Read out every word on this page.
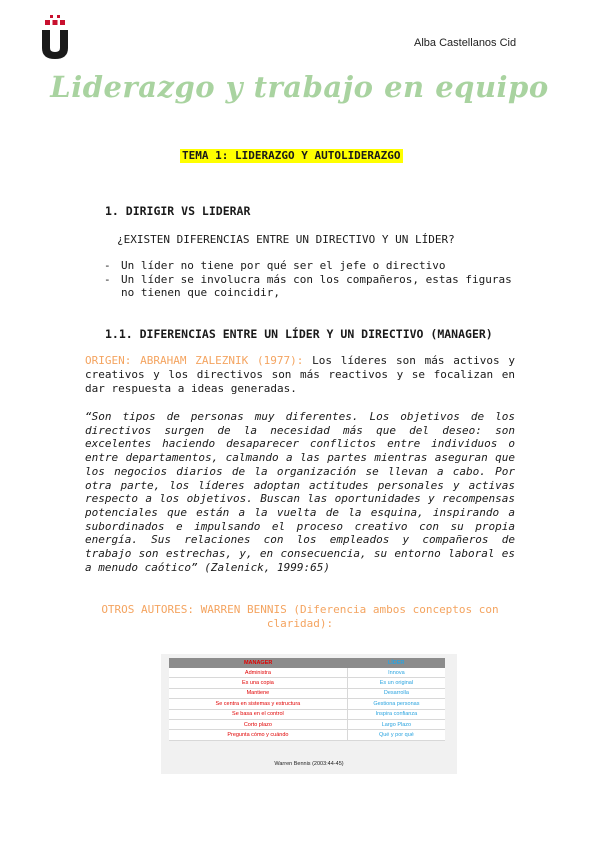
Alba Castellanos Cid
Liderazgo y trabajo en equipo
TEMA 1: LIDERAZGO Y AUTOLIDERAZGO
1. DIRIGIR VS LIDERAR
¿EXISTEN DIFERENCIAS ENTRE UN DIRECTIVO Y UN LÍDER?
- Un líder no tiene por qué ser el jefe o directivo
- Un líder se involucra más con los compañeros, estas figuras no tienen que coincidir,
1.1. DIFERENCIAS ENTRE UN LÍDER Y UN DIRECTIVO (MANAGER)
ORIGEN: ABRAHAM ZALEZNIK (1977): Los líderes son más activos y creativos y los directivos son más reactivos y se focalizan en dar respuesta a ideas generadas.
“Son tipos de personas muy diferentes. Los objetivos de los directivos surgen de la necesidad más que del deseo: son excelentes haciendo desaparecer conflictos entre individuos o entre departamentos, calmando a las partes mientras aseguran que los negocios diarios de la organización se llevan a cabo. Por otra parte, los líderes adoptan actitudes personales y activas respecto a los objetivos. Buscan las oportunidades y recompensas potenciales que están a la vuelta de la esquina, inspirando a subordinados e impulsando el proceso creativo con su propia energía. Sus relaciones con los empleados y compañeros de trabajo son estrechas, y, en consecuencia, su entorno laboral es a menudo caótico” (Zalenick, 1999:65)
OTROS AUTORES: WARREN BENNIS (Diferencia ambos conceptos con claridad):
MANAGER	LÍDER
Administra	Innova
Es una copia	Es un original
Mantiene	Desarrolla
Se centra en sistemas y estructura	Gestiona personas
Se basa en el control	Inspira confianza
Corto plazo	Largo Plazo
Pregunta cómo y cuándo	Qué y por qué
Warren Bennis (2003:44-45)
